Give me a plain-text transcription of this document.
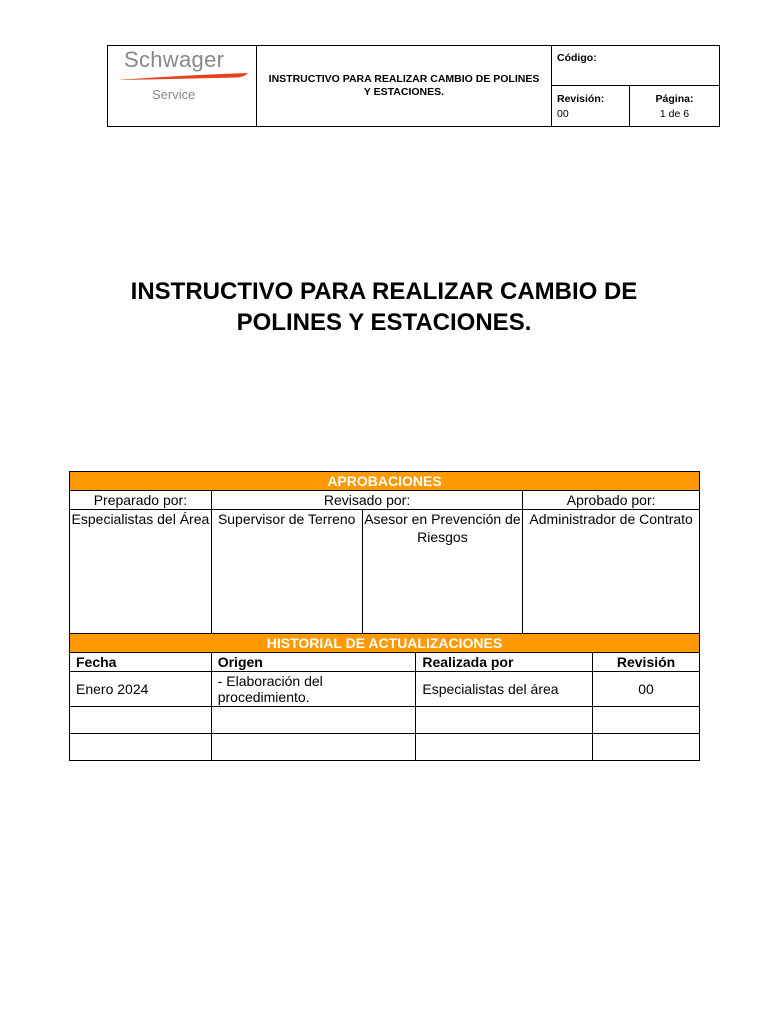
Schwager
Service
INSTRUCTIVO PARA REALIZAR CAMBIO DE POLINES Y ESTACIONES.
Código:
Revisión:
00
Página:
1 de 6
INSTRUCTIVO PARA REALIZAR CAMBIO DE
POLINES Y ESTACIONES.
APROBACIONES			
Preparado por:	Revisado por:		Aprobado por:
Especialistas del Área	Supervisor de Terreno	Asesor en Prevención de Riesgos	Administrador de Contrato
HISTORIAL DE ACTUALIZACIONES			
Fecha	Origen	Realizada por	Revisión
Enero 2024	- Elaboración del procedimiento.	Especialistas del área	00
